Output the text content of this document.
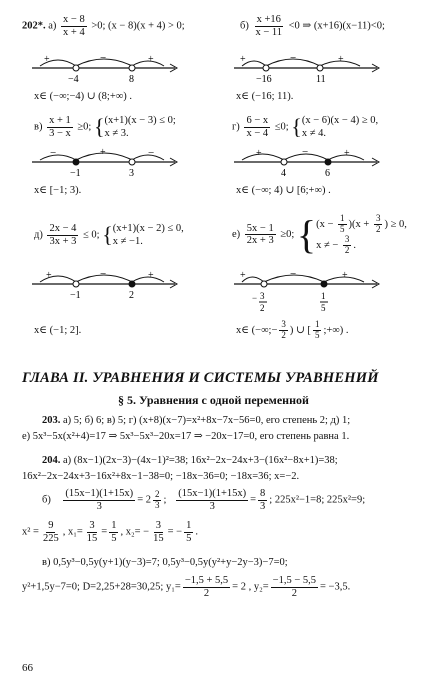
202*. $а) \frac{x - 8}{x + 4} >0$; (x − 8)(x + 4) > 0;	$б) \frac{x +16}{x - 11} <0$ ⇒ (x+16)(x−11)<0;
+	−	+
−4	8
+	−	+
−16	11
x∈ (−∞;−4) ∪ (8;+∞) .	x∈ (−16; 11).
$в) \frac{x + 1}{3 - x} \ge 0$; { (x+1)(x − 3) ≤ 0;
x ≠ 3.
$г) \frac{6 - x}{x - 4} \le 0$; { (x − 6)(x − 4) ≥ 0,
x ≠ 4.
−	+	−
−1	3
+	−	+
4	6
x∈ [−1; 3).	x∈ (−∞; 4) ∪ [6;+∞) .
$д) \frac{2x - 4}{3x + 3} \le 0$; { (x+1)(x − 2) ≤ 0,
x ≠ −1.
$е) \frac{5x - 1}{2x + 3} \ge 0$; { $(x - \frac{1}{5} )(x + \frac{3}{2}$ ) ≥ 0,
x ≠ − $\frac{3}{2}$ .
+	−	+
−1	2
+	−	+
− 3
2
1
5
x∈ (−1; 2].	x∈ (−∞;− $\frac{3}{2}$ ) ∪ [ $\frac{1}{5}$ ;+∞) .
ГЛАВА II. УРАВНЕНИЯ И СИСТЕМЫ УРАВНЕНИЙ
§ 5. Уравнения с одной переменной
203. а) 5; б) 6; в) 5; г) (x+8)(x−7)=x²+8x−7x−56=0, его степень 2; д) 1;
е) 5x³−5x(x²+4)=17 ⇒ 5x³−5x³−20x=17 ⇒ −20x−17=0, его степень равна 1.
204. а) (8x−1)(2x−3)−(4x−1)²=38; 16x²−2x−24x+3−(16x²−8x+1)=38;
16x²−2x−24x+3−16x²+8x−1−38=0; −18x−36=0; −18x=36; x=−2.
$б) \frac{(15x-1)(1+15x)}{3} = 2 \frac{2}{3}$ ; $\frac{(15x-1)(1+15x)}{3} = \frac{8}{3}$ ; 225x²−1=8; 225x²=9;
$x^2 = \frac{9}{225}$ , $x_1= \frac{3}{15} = \frac{1}{5}$ , $x_2= - \frac{3}{15}$ = − $\frac{1}{5}$ .
в) 0,5y³−0,5y(y+1)(y−3)=7; 0,5y³−0,5y(y²+y−2y−3)−7=0;
y²+1,5y−7=0; D=2,25+28=30,25; $y_1= \frac{-1,5 + 5,5}{2} = 2$ , $y_2= \frac{-1,5 - 5,5}{2} = -3,5$.
66
